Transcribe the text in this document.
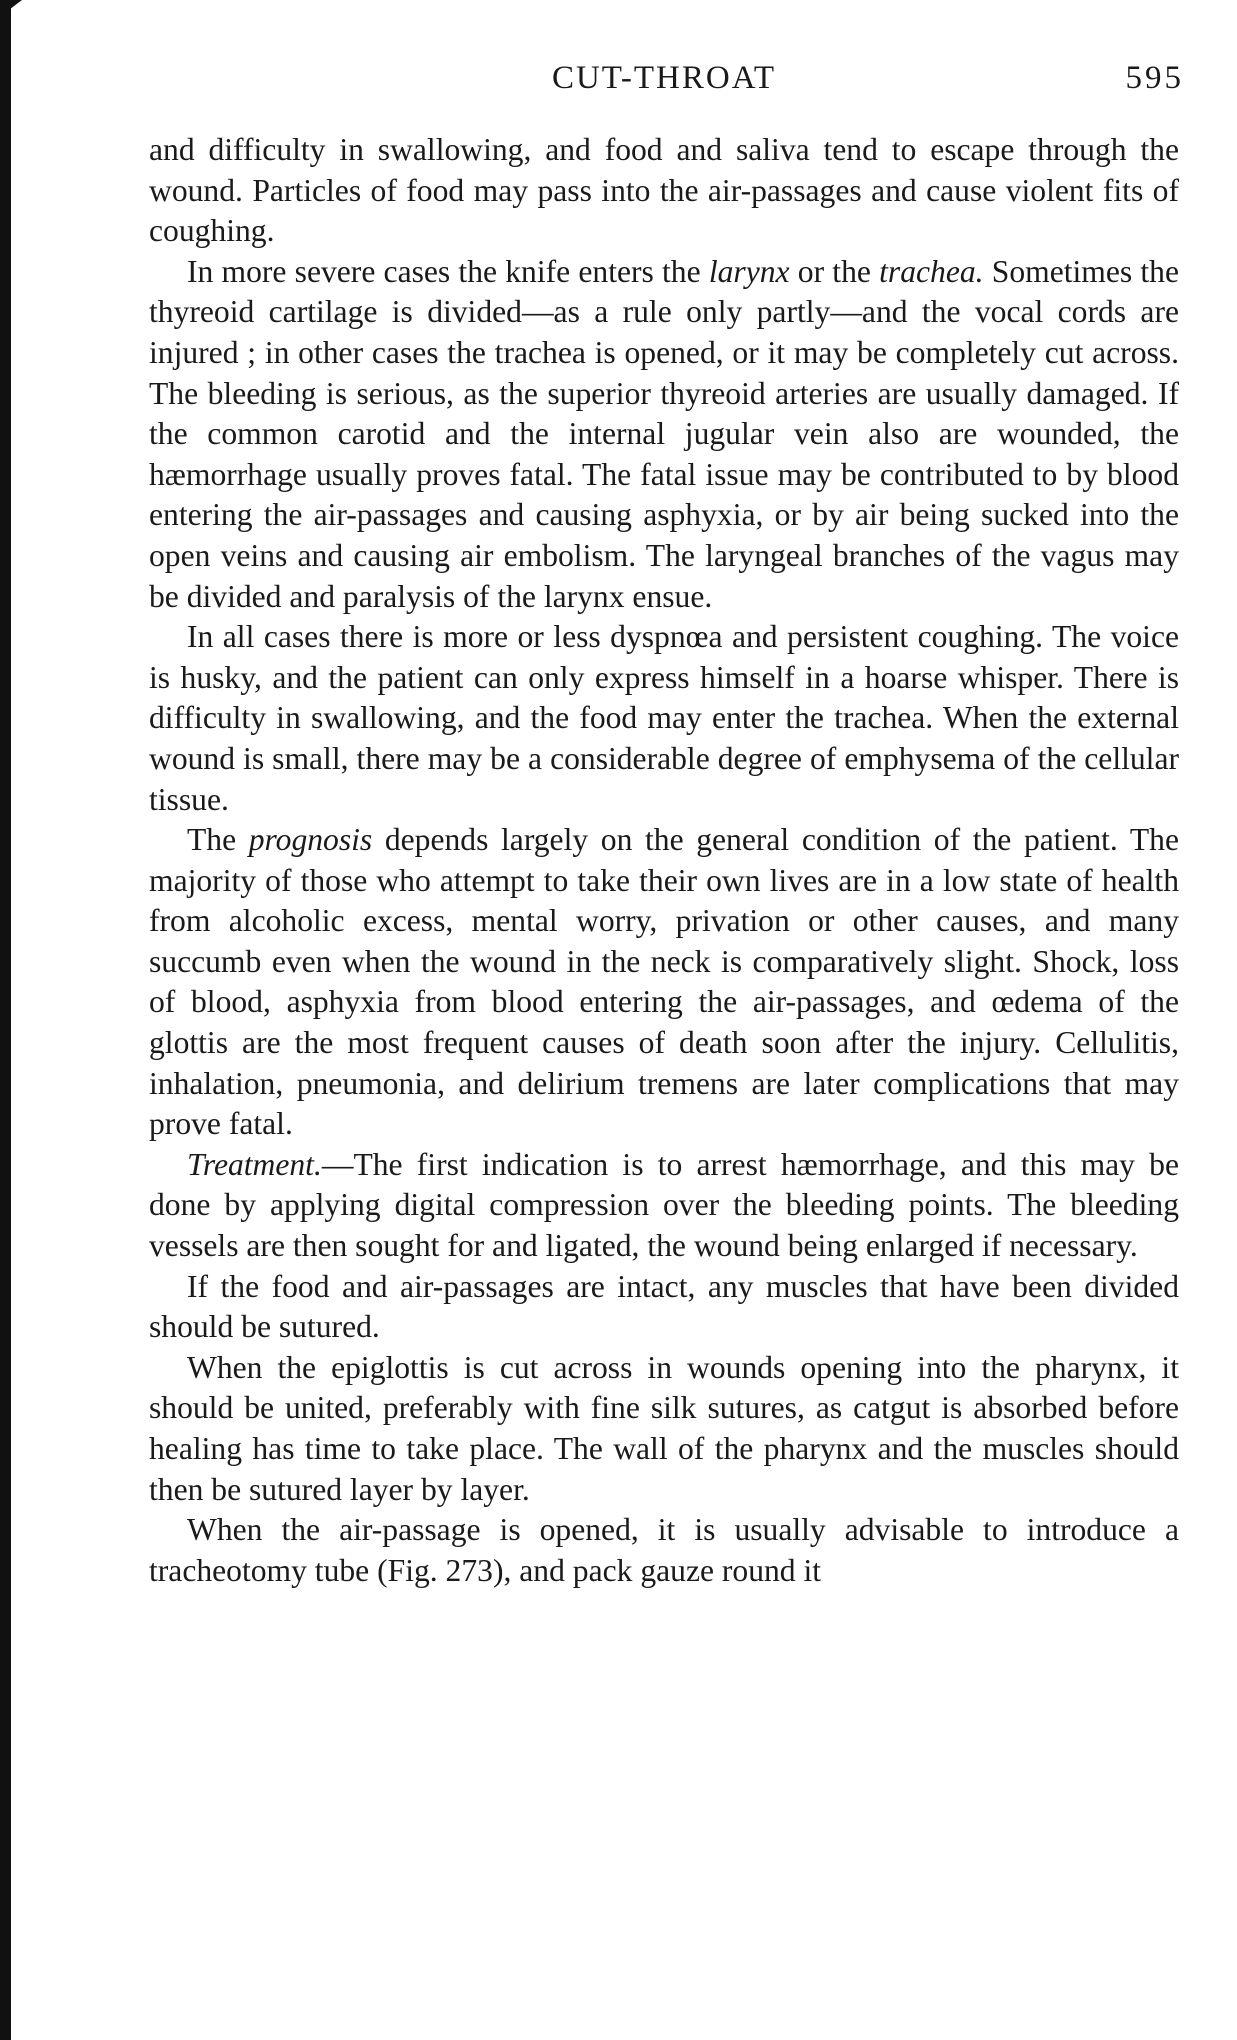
CUT-THROAT	595

and difficulty in swallowing, and food and saliva tend to escape through the wound. Particles of food may pass into the air-passages and cause violent fits of coughing.

In more severe cases the knife enters the larynx or the trachea. Sometimes the thyreoid cartilage is divided—as a rule only partly—and the vocal cords are injured ; in other cases the trachea is opened, or it may be completely cut across. The bleeding is serious, as the superior thyreoid arteries are usually damaged. If the common carotid and the internal jugular vein also are wounded, the hæmorrhage usually proves fatal. The fatal issue may be contributed to by blood entering the air-passages and causing asphyxia, or by air being sucked into the open veins and causing air embolism. The laryngeal branches of the vagus may be divided and paralysis of the larynx ensue.

In all cases there is more or less dyspnœa and persistent coughing. The voice is husky, and the patient can only express himself in a hoarse whisper. There is difficulty in swallowing, and the food may enter the trachea. When the external wound is small, there may be a considerable degree of emphysema of the cellular tissue.

The prognosis depends largely on the general condition of the patient. The majority of those who attempt to take their own lives are in a low state of health from alcoholic excess, mental worry, privation or other causes, and many succumb even when the wound in the neck is comparatively slight. Shock, loss of blood, asphyxia from blood entering the air-passages, and œdema of the glottis are the most frequent causes of death soon after the injury. Cellulitis, inhalation, pneumonia, and delirium tremens are later complications that may prove fatal.

Treatment.—The first indication is to arrest hæmorrhage, and this may be done by applying digital compression over the bleeding points. The bleeding vessels are then sought for and ligated, the wound being enlarged if necessary.

If the food and air-passages are intact, any muscles that have been divided should be sutured.

When the epiglottis is cut across in wounds opening into the pharynx, it should be united, preferably with fine silk sutures, as catgut is absorbed before healing has time to take place. The wall of the pharynx and the muscles should then be sutured layer by layer.

When the air-passage is opened, it is usually advisable to introduce a tracheotomy tube (Fig. 273), and pack gauze round it
